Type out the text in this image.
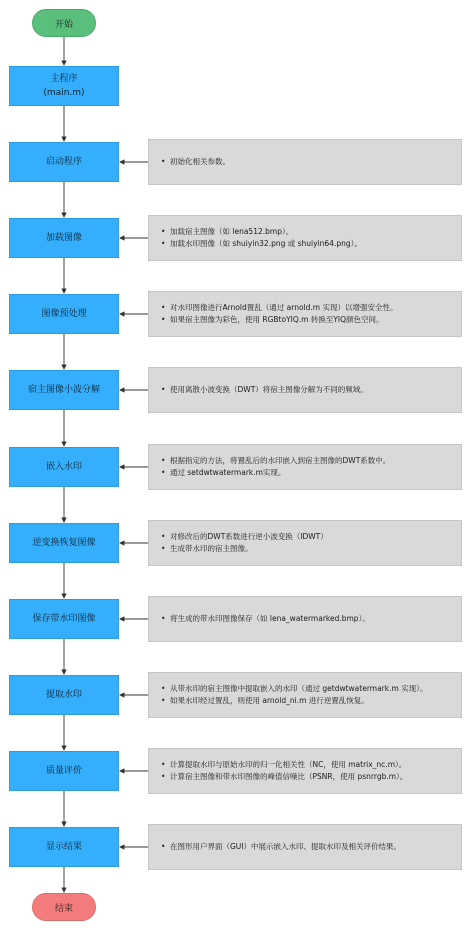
开始
主程序
(main.m)
启动程序	• 初始化相关参数。
加载图像
• 加载宿主图像（如 lena512.bmp）。
• 加载水印图像（如 shuiyin32.png 或 shuiyin64.png）。
图像预处理
• 对水印图像进行Arnold置乱（通过 arnold.m 实现）以增强安全性。
• 如果宿主图像为彩色，使用 RGBtoYIQ.m 转换至YIQ颜色空间。
宿主图像小波分解	• 使用离散小波变换（DWT）将宿主图像分解为不同的频域。
嵌入水印
• 根据指定的方法，将置乱后的水印嵌入到宿主图像的DWT系数中。
• 通过 setdwtwatermark.m实现。
逆变换恢复图像
• 对修改后的DWT系数进行逆小波变换（IDWT）
• 生成带水印的宿主图像。
保存带水印图像	• 将生成的带水印图像保存（如 lena_watermarked.bmp）。
提取水印
• 从带水印的宿主图像中提取嵌入的水印（通过 getdwtwatermark.m 实现）。
• 如果水印经过置乱，则使用 arnold_ni.m 进行逆置乱恢复。
质量评价
• 计算提取水印与原始水印的归一化相关性（NC，使用 matrix_nc.m）。
• 计算宿主图像和带水印图像的峰值信噪比（PSNR，使用 psnrrgb.m）。
显示结果	• 在图形用户界面（GUI）中展示嵌入水印、提取水印及相关评价结果。
结束
